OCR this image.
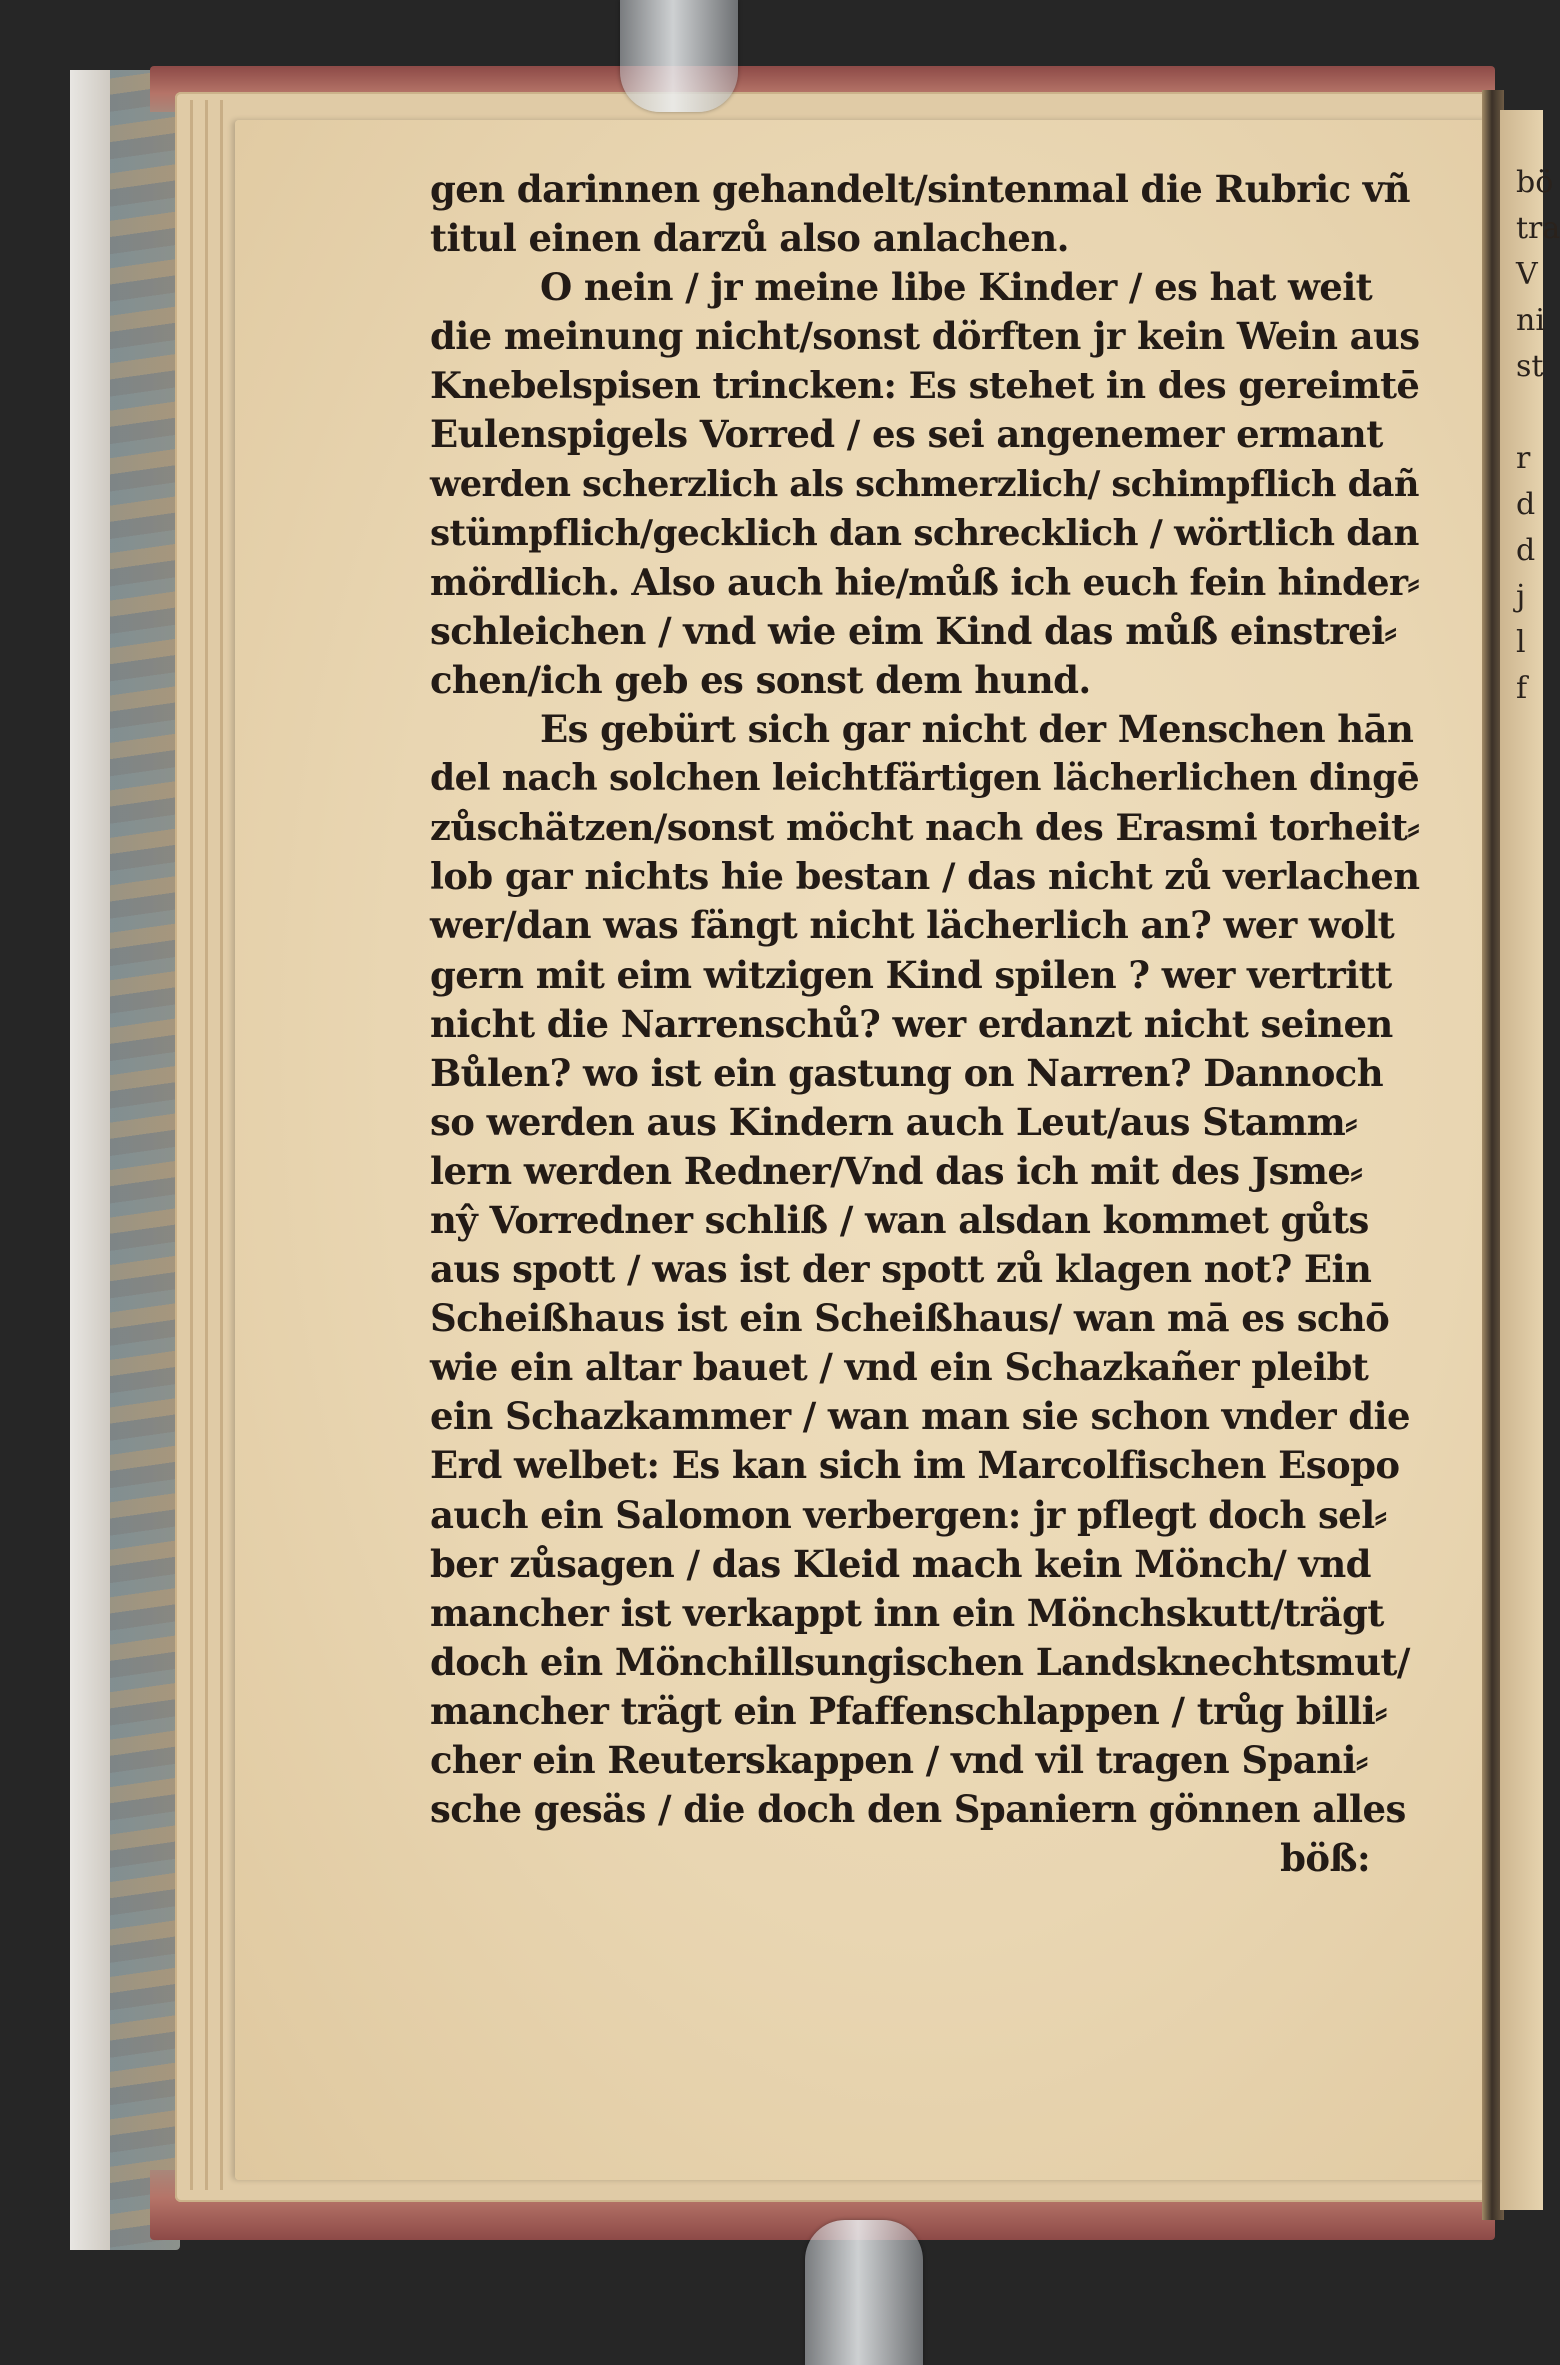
bö
tra
V
ni
st

r
d
d
j
l
f
gen darinnen gehandelt/sintenmal die Rubric vñ
titul einen darzů also anlachen.
O nein / jr meine libe Kinder / es hat weit
die meinung nicht/sonst dörften jr kein Wein aus
Knebelspisen trincken: Es stehet in des gereimtē
Eulenspigels Vorred / es sei angenemer ermant
werden scherzlich als schmerzlich/ schimpflich dañ
stümpflich/gecklich dan schrecklich / wörtlich dan
mördlich. Also auch hie/můß ich euch fein hinder⸗
schleichen / vnd wie eim Kind das můß einstrei⸗
chen/ich geb es sonst dem hund.
Es gebürt sich gar nicht der Menschen hān
del nach solchen leichtfärtigen lächerlichen dingē
zůschätzen/sonst möcht nach des Erasmi torheit⸗
lob gar nichts hie bestan / das nicht zů verlachen
wer/dan was fängt nicht lächerlich an? wer wolt
gern mit eim witzigen Kind spilen ? wer vertritt
nicht die Narrenschů? wer erdanzt nicht seinen
Bůlen? wo ist ein gastung on Narren? Dannoch
so werden aus Kindern auch Leut/aus Stamm⸗
lern werden Redner/Vnd das ich mit des Jsme⸗
nŷ Vorredner schliß / wan alsdan kommet gůts
aus spott / was ist der spott zů klagen not? Ein
Scheißhaus ist ein Scheißhaus/ wan mā es schō
wie ein altar bauet / vnd ein Schazkañer pleibt
ein Schazkammer / wan man sie schon vnder die
Erd welbet: Es kan sich im Marcolfischen Esopo
auch ein Salomon verbergen: jr pflegt doch sel⸗
ber zůsagen / das Kleid mach kein Mönch/ vnd
mancher ist verkappt inn ein Mönchskutt/trägt
doch ein Mönchillsungischen Landsknechtsmut/
mancher trägt ein Pfaffenschlappen / trůg billi⸗
cher ein Reuterskappen / vnd vil tragen Spani⸗
sche gesäs / die doch den Spaniern gönnen alles
böß:
